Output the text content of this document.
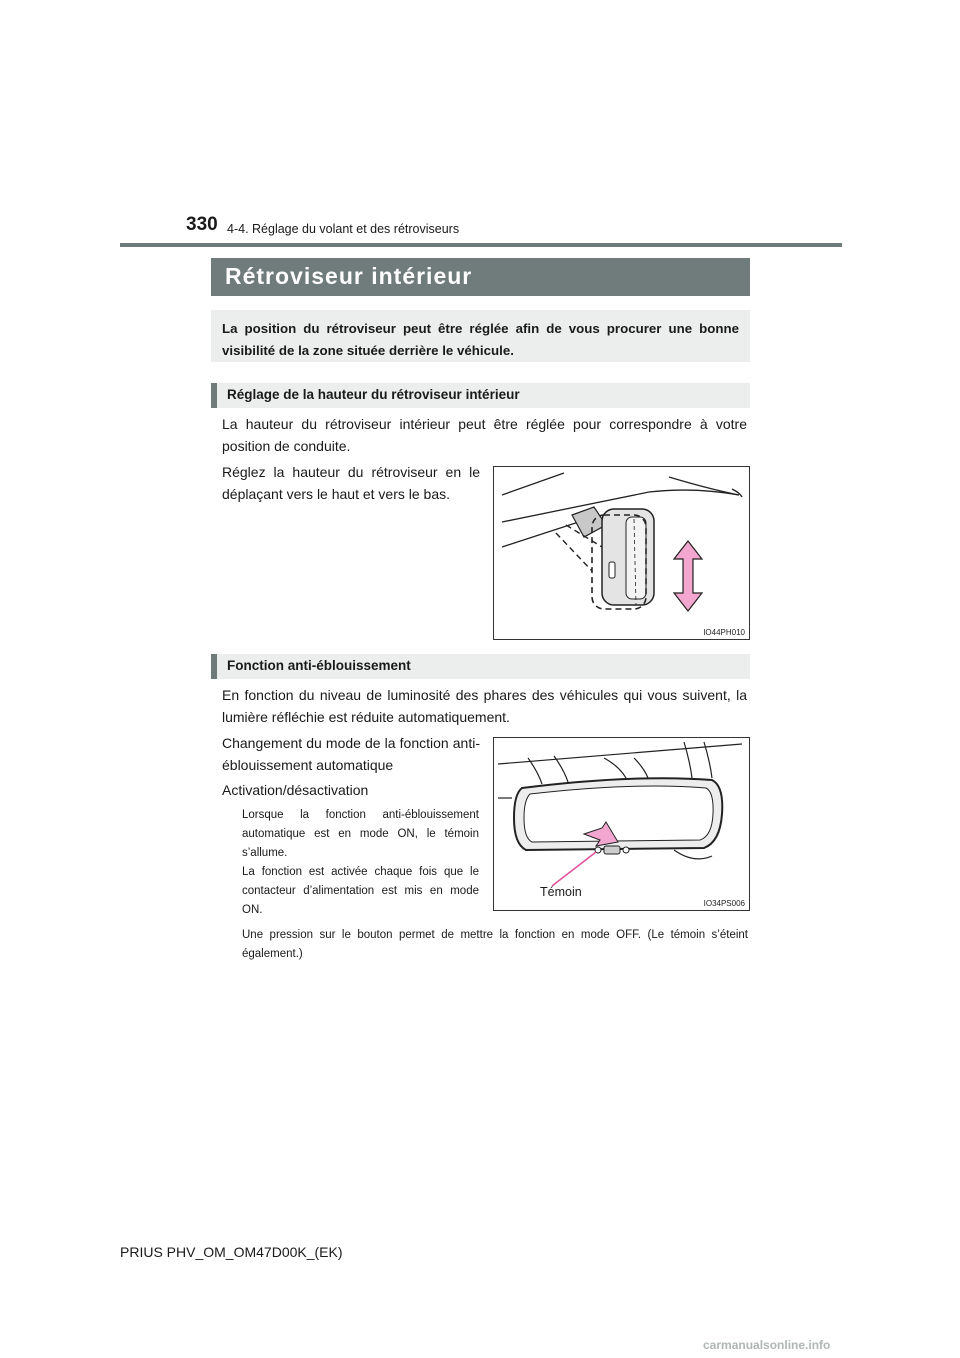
330 4-4. Réglage du volant et des rétroviseurs
Rétroviseur intérieur

La position du rétroviseur peut être réglée afin de vous procurer une bonne visibilité de la zone située derrière le véhicule.

Réglage de la hauteur du rétroviseur intérieur

La hauteur du rétroviseur intérieur peut être réglée pour correspondre à votre position de conduite.

Réglez la hauteur du rétroviseur en le déplaçant vers le haut et vers le bas.

IO44PH010
Fonction anti-éblouissement

En fonction du niveau de luminosité des phares des véhicules qui vous suivent, la lumière réfléchie est réduite automatiquement.

Changement du mode de la fonction anti-éblouissement automatique

Activation/désactivation

Lorsque la fonction anti-éblouissement automatique est en mode ON, le témoin s’allume.

La fonction est activée chaque fois que le contacteur d’alimentation est mis en mode ON.

Une pression sur le bouton permet de mettre la fonction en mode OFF. (Le témoin s’éteint également.)

Témoin
IO34PS006
PRIUS PHV_OM_OM47D00K_(EK)
carmanualsonline.info
